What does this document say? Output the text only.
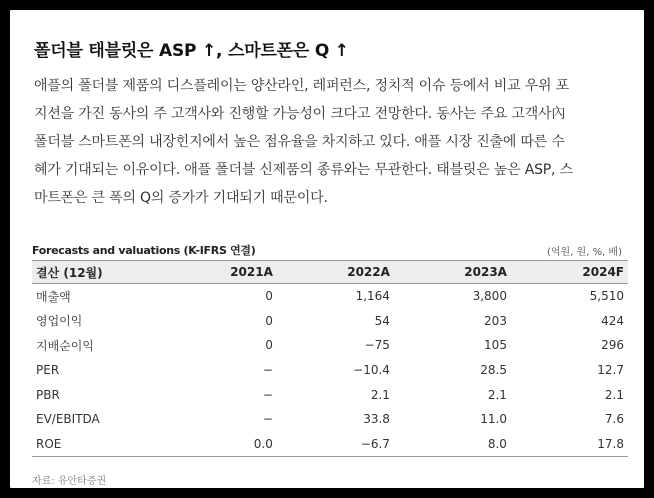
폴더블 태블릿은 ASP ↑, 스마트폰은 Q ↑
애플의 폴더블 제품의 디스플레이는 양산라인, 레퍼런스, 정치적 이슈 등에서 비교 우위 포
지션을 가진 동사의 주 고객사와 진행할 가능성이 크다고 전망한다. 동사는 주요 고객사內
폴더블 스마트폰의 내장힌지에서 높은 점유율을 차지하고 있다. 애플 시장 진출에 따른 수
혜가 기대되는 이유이다. 애플 폴더블 신제품의 종류와는 무관한다. 태블릿은 높은 ASP, 스
마트폰은 큰 폭의 Q의 증가가 기대되기 때문이다.
Forecasts and valuations (K-IFRS 연결)	(억원, 원, %, 배)
결산 (12월)	2021A	2022A	2023A	2024F
매출액	0	1,164	3,800	5,510
영업이익	0	54	203	424
지배순이익	0	−75	105	296
PER	−	−10.4	28.5	12.7
PBR	−	2.1	2.1	2.1
EV/EBITDA	−	33.8	11.0	7.6
ROE	0.0	−6.7	8.0	17.8
자료: 유안타증권
